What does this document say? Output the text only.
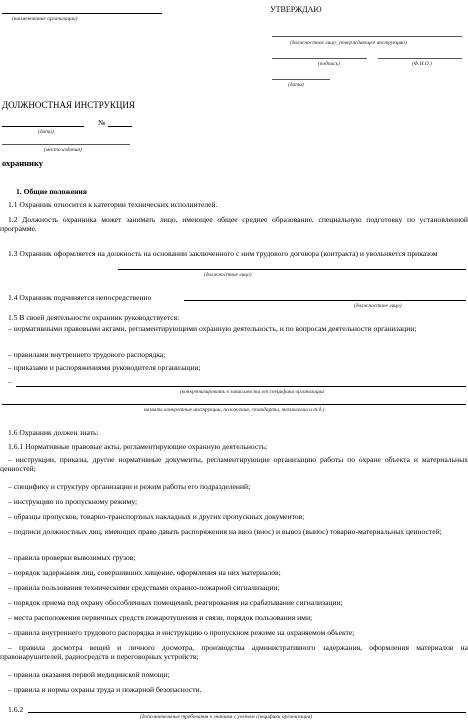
(наименование организации)
УТВЕРЖДАЮ
(должностное лицо, утверждающее инструкцию)
(подпись)	(Ф.И.О.)
(дата)
ДОЛЖНОСТНАЯ ИНСТРУКЦИЯ
№
(дата)
(место издания)
охраннику
1. Общие положения
1.1 Охранник относится к категории технических исполнителей.
1.2 Должность охранника может занимать лицо, имеющее общее среднее образование, специальную подготовку по установленной программе.
1.3 Охранник оформляется на должность на основании заключенного с ним трудового договора (контракта) и увольняется приказом
(должностное лицо)
1.4 Охранник подчиняется непосредственно
(должностное лицо)
1.5 В своей деятельности охранник руководствуется:
– нормативными правовыми актами, регламентирующими охранную деятельность, и по вопросам деятельности организации;
– правилами внутреннего трудового распорядка;
– приказами и распоряжениями руководителя организации;
–
(конкретизировать в зависимости от специфики организации
назвать конкретные инструкции, положения, стандарты, технологии и т.д.)
1.6 Охранник должен знать:
1.6.1 Нормативные правовые акты, регламентирующие охранную деятельность;
– инструкции, приказы, другие нормативные документы, регламентирующие организацию работы по охране объекта и материальных ценностей;
– специфику и структуру организации и режим работы его подразделений;
– инструкцию по пропускному режиму;
– образцы пропусков, товарно-транспортных накладных и других пропускных документов;
– подписи должностных лиц, имеющих право давать распоряжения на ввоз (внос) и вывоз (вынос) товарно-материальных ценностей;
– правила проверки вывозимых грузов;
– порядок задержания лиц, совершивших хищение, оформления на них материалов;
– правила пользования техническими средствами охранно-пожарной сигнализации;
– порядок приема под охрану обособленных помещений, реагирования на срабатывание сигнализации;
– места расположения первичных средств пожаротушения и связи, порядок пользования ими;
– правила внутреннего трудового распорядка и инструкцию о пропускном режиме на охраняемом объекте;
– правила досмотра вещей и личного досмотра, производства административного задержания, оформления материалов на правонарушителей, радиосредств и переговорных устройств;
– правила оказания первой медицинской помощи;
– правила и нормы охраны труда и пожарной безопасности.
1.6.2
(дополнительные требования к знаниям с учетом специфики организации)
